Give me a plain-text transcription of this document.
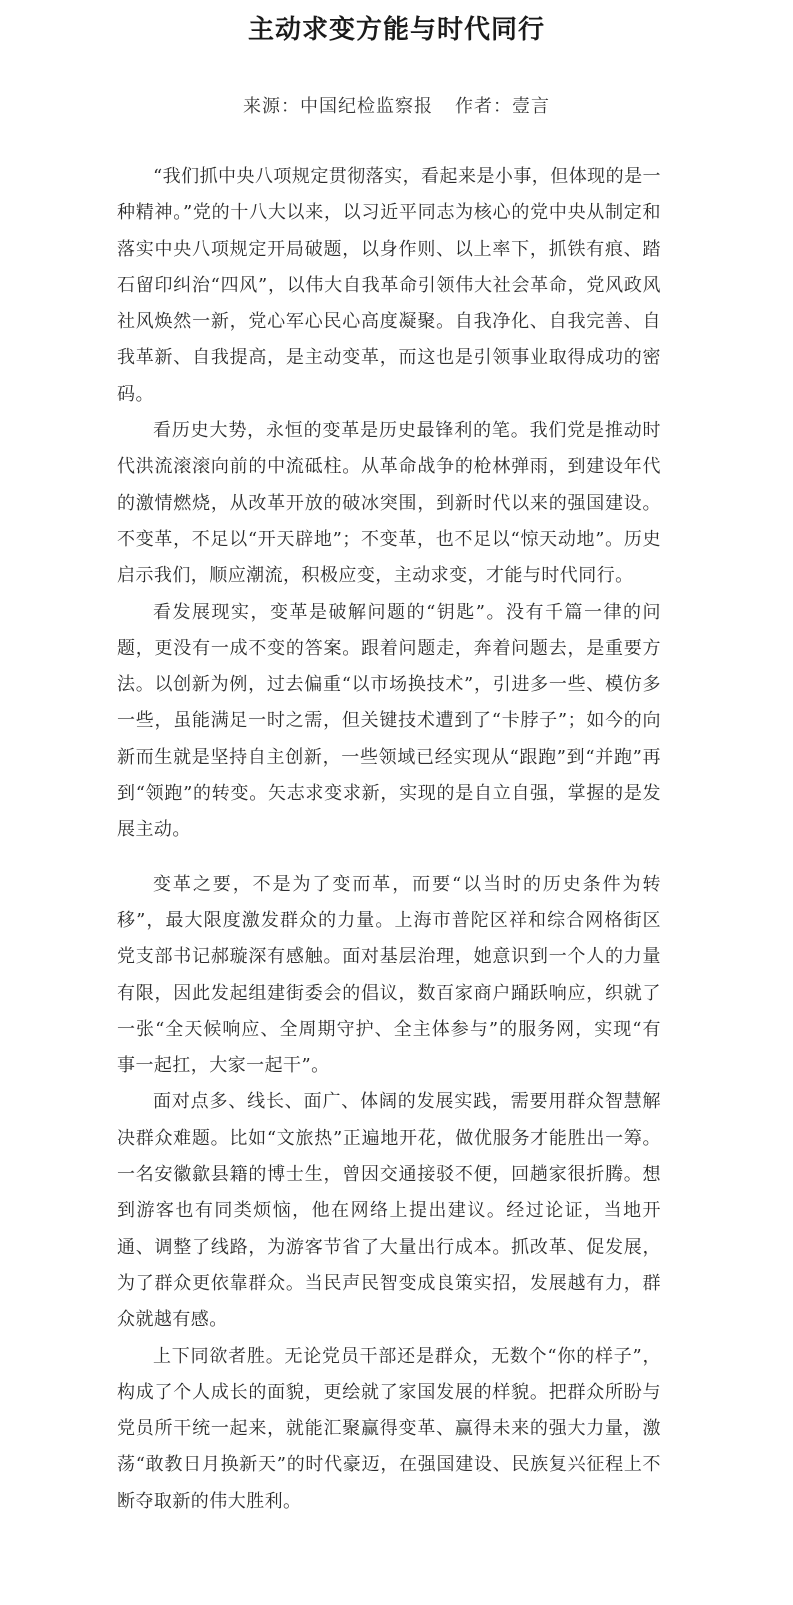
主动求变方能与时代同行
来源：中国纪检监察报 作者：壹言

“我们抓中央八项规定贯彻落实，看起来是小事，但体现的是一种精神。”党的十八大以来，以习近平同志为核心的党中央从制定和落实中央八项规定开局破题，以身作则、以上率下，抓铁有痕、踏石留印纠治“四风”，以伟大自我革命引领伟大社会革命，党风政风社风焕然一新，党心军心民心高度凝聚。自我净化、自我完善、自我革新、自我提高，是主动变革，而这也是引领事业取得成功的密码。

看历史大势，永恒的变革是历史最锋利的笔。我们党是推动时代洪流滚滚向前的中流砥柱。从革命战争的枪林弹雨，到建设年代的激情燃烧，从改革开放的破冰突围，到新时代以来的强国建设。不变革，不足以“开天辟地”；不变革，也不足以“惊天动地”。历史启示我们，顺应潮流，积极应变，主动求变，才能与时代同行。

看发展现实，变革是破解问题的“钥匙”。没有千篇一律的问题，更没有一成不变的答案。跟着问题走，奔着问题去，是重要方法。以创新为例，过去偏重“以市场换技术”，引进多一些、模仿多一些，虽能满足一时之需，但关键技术遭到了“卡脖子”；如今的向新而生就是坚持自主创新，一些领域已经实现从“跟跑”到“并跑”再到“领跑”的转变。矢志求变求新，实现的是自立自强，掌握的是发展主动。

变革之要，不是为了变而革，而要“以当时的历史条件为转移”，最大限度激发群众的力量。上海市普陀区祥和综合网格街区党支部书记郝璇深有感触。面对基层治理，她意识到一个人的力量有限，因此发起组建街委会的倡议，数百家商户踊跃响应，织就了一张“全天候响应、全周期守护、全主体参与”的服务网，实现“有事一起扛，大家一起干”。

面对点多、线长、面广、体阔的发展实践，需要用群众智慧解决群众难题。比如“文旅热”正遍地开花，做优服务才能胜出一筹。一名安徽歙县籍的博士生，曾因交通接驳不便，回趟家很折腾。想到游客也有同类烦恼，他在网络上提出建议。经过论证，当地开通、调整了线路，为游客节省了大量出行成本。抓改革、促发展，为了群众更依靠群众。当民声民智变成良策实招，发展越有力，群众就越有感。

上下同欲者胜。无论党员干部还是群众，无数个“你的样子”，构成了个人成长的面貌，更绘就了家国发展的样貌。把群众所盼与党员所干统一起来，就能汇聚赢得变革、赢得未来的强大力量，激荡“敢教日月换新天”的时代豪迈，在强国建设、民族复兴征程上不断夺取新的伟大胜利。
